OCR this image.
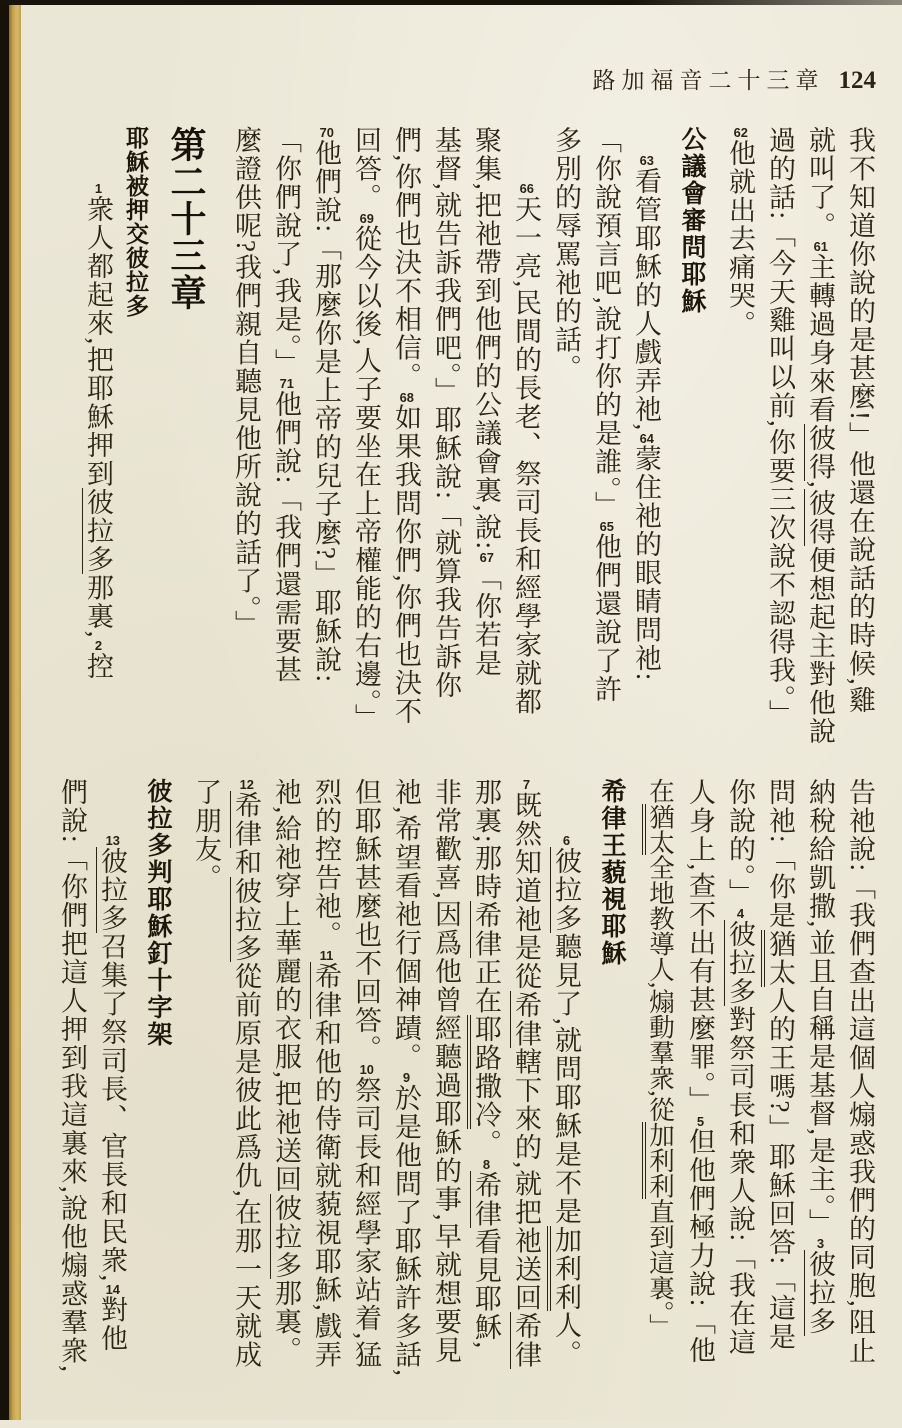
路加福音二十三章 124
我不知道你說的是甚麼!」他還在說話的時候,雞
就叫了。61主轉過身來看彼得,彼得便想起主對他說
過的話:「今天雞叫以前,你要三次說不認得我。」
62他就出去痛哭。
公議會審問耶穌
63看管耶穌的人戲弄祂,64蒙住祂的眼睛問祂:
「你說預言吧,說打你的是誰。」65他們還說了許
多別的辱罵祂的話。
66天一亮,民間的長老、祭司長和經學家就都
聚集,把祂帶到他們的公議會裏,說:67「你若是
基督,就告訴我們吧。」耶穌說:「就算我告訴你
們,你們也決不相信。68如果我問你們,你們也決不
回答。69從今以後,人子要坐在上帝權能的右邊。」
70他們說:「那麼你是上帝的兒子麼?」耶穌說:
「你們說了,我是。」71他們說:「我們還需要甚
麼證供呢?我們親自聽見他所說的話了。」
第二十三章
耶穌被押交彼拉多
1衆人都起來,把耶穌押到彼拉多那裏,2控
告祂說:「我們查出這個人煽惑我們的同胞,阻止
納稅給凱撒,並且自稱是基督,是主。」3彼拉多
問祂:「你是猶太人的王嗎?」耶穌回答:「這是
你說的。」4彼拉多對祭司長和衆人說:「我在這
人身上,查不出有甚麼罪。」5但他們極力說:「他
在猶太全地教導人,煽動羣衆,從加利利直到這裏。」
希律王藐視耶穌
6彼拉多聽見了,就問耶穌是不是加利利人。
7既然知道祂是從希律轄下來的,就把祂送回希律
那裏;那時希律正在耶路撒冷。8希律看見耶穌,
非常歡喜,因爲他曾經聽過耶穌的事,早就想要見
祂,希望看祂行個神蹟。9於是他問了耶穌許多話,
但耶穌甚麼也不回答。10祭司長和經學家站着,猛
烈的控告祂。11希律和他的侍衛就藐視耶穌,戲弄
祂,給祂穿上華麗的衣服,把祂送回彼拉多那裏。
12希律和彼拉多從前原是彼此爲仇,在那一天就成
了朋友。
彼拉多判耶穌釘十字架
13彼拉多召集了祭司長、官長和民衆,14對他
們說:「你們把這人押到我這裏來,說他煽惑羣衆,
